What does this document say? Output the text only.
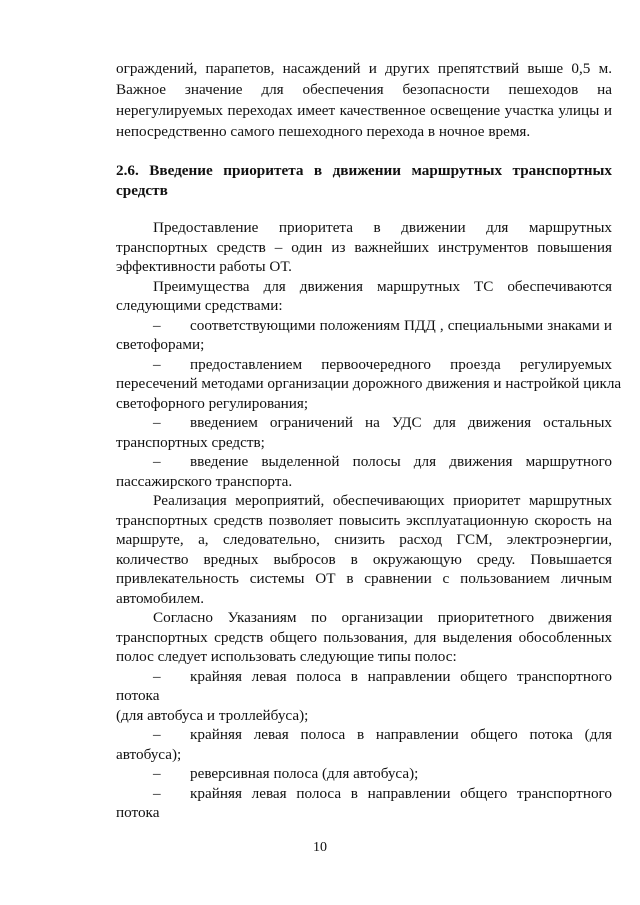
ограждений, парапетов, насаждений и других препятствий выше 0,5 м.
Важное значение для обеспечения безопасности пешеходов на
нерегулируемых переходах имеет качественное освещение участка улицы и
непосредственно самого пешеходного перехода в ночное время.
2.6. Введение приоритета в движении маршрутных транспортных
средств
Предоставление приоритета в движении для маршрутных
транспортных средств – один из важнейших инструментов повышения
эффективности работы ОТ.
Преимущества для движения маршрутных ТС обеспечиваются
следующими средствами:
– соответствующими положениям ПДД , специальными знаками и
светофорами;
– предоставлением первоочередного проезда регулируемых
пересечений методами организации дорожного движения и настройкой цикла
светофорного регулирования;
– введением ограничений на УДС для движения остальных
транспортных средств;
– введение выделенной полосы для движения маршрутного
пассажирского транспорта.
Реализация мероприятий, обеспечивающих приоритет маршрутных
транспортных средств позволяет повысить эксплуатационную скорость на
маршруте, а, следовательно, снизить расход ГСМ, электроэнергии,
количество вредных выбросов в окружающую среду. Повышается
привлекательность системы ОТ в сравнении с пользованием личным
автомобилем.
Согласно Указаниям по организации приоритетного движения
транспортных средств общего пользования, для выделения обособленных
полос следует использовать следующие типы полос:
– крайняя левая полоса в направлении общего транспортного
потока
(для автобуса и троллейбуса);
– крайняя левая полоса в направлении общего потока (для
автобуса);
– реверсивная полоса (для автобуса);
– крайняя левая полоса в направлении общего транспортного
потока
10
